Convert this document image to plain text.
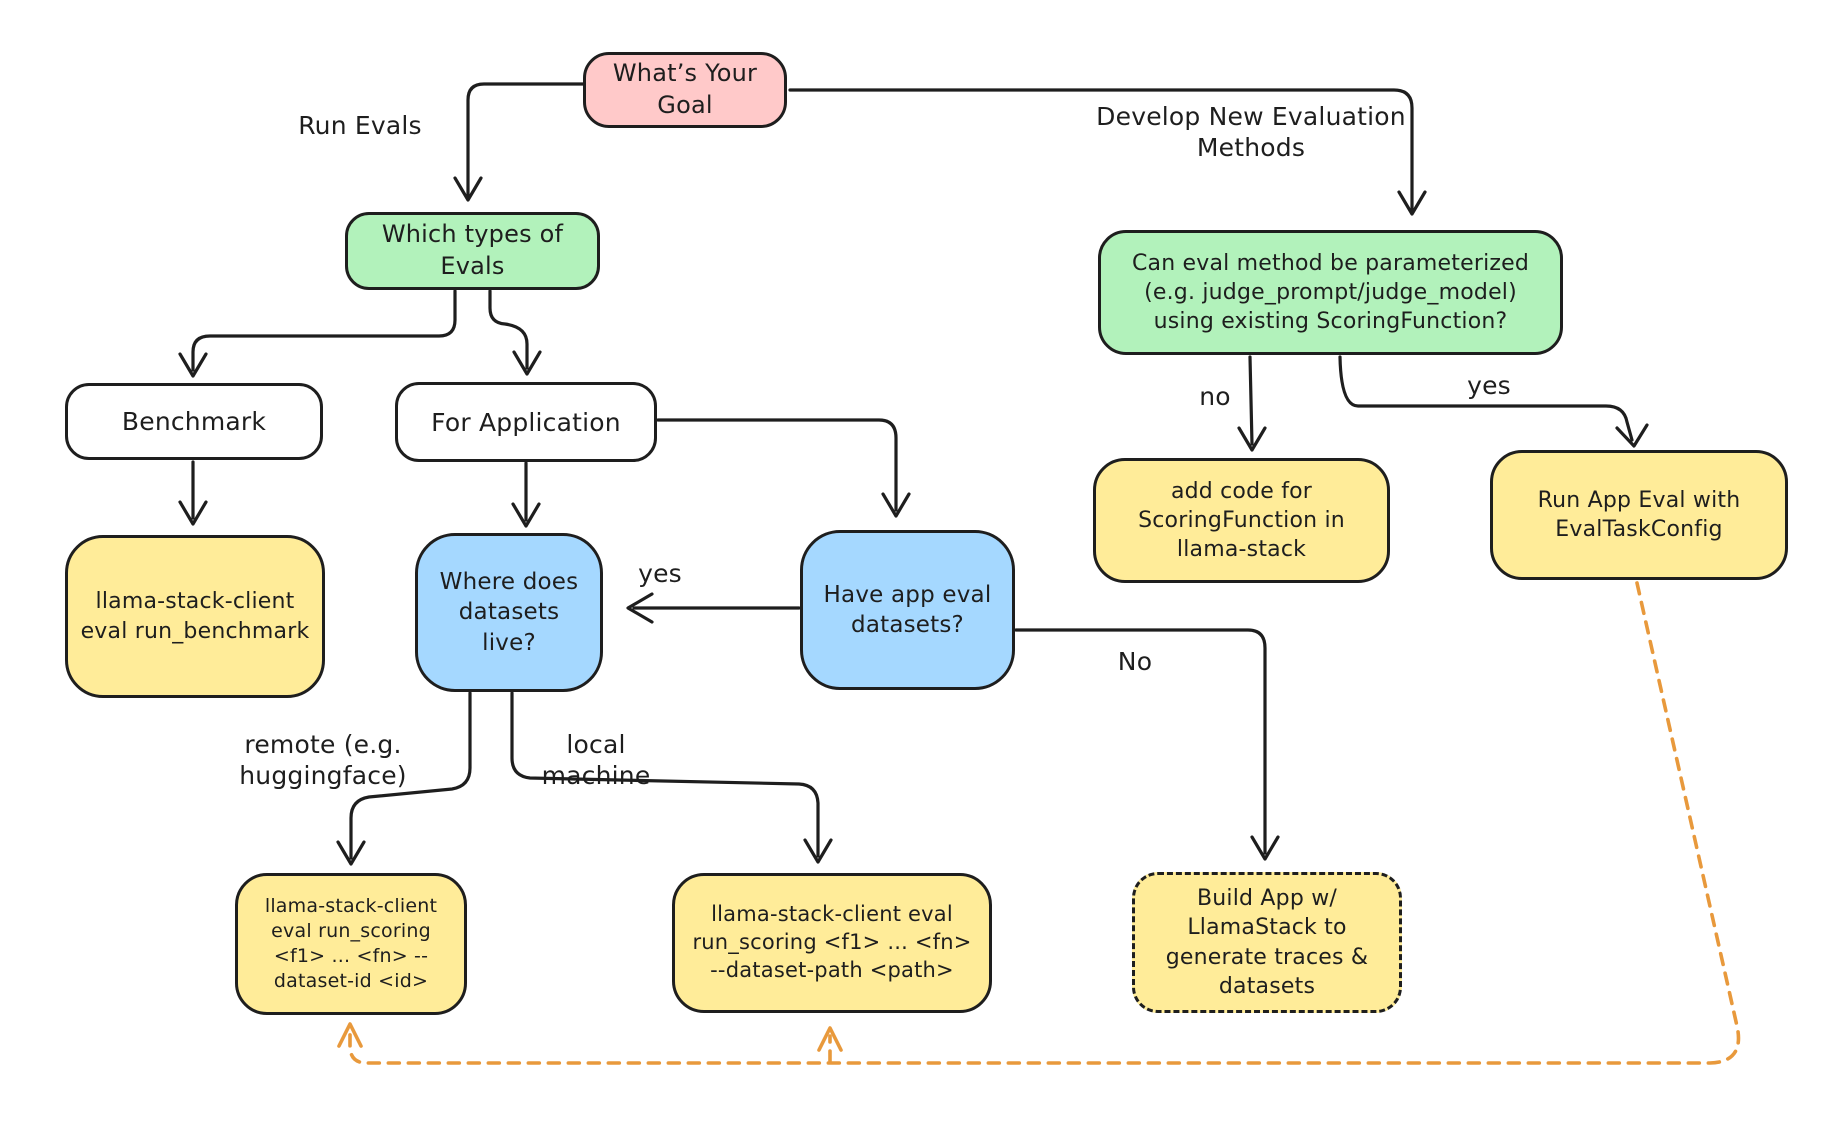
What’s Your Goal
Which types of Evals
Benchmark	For Application
llama-stack-client eval run_benchmark
Where does datasets live?
Have app eval datasets?
Can eval method be parameterized (e.g. judge_prompt/judge_model) using existing ScoringFunction?
add code for ScoringFunction in llama-stack
Run App Eval with EvalTaskConfig
llama-stack-client eval run_scoring <f1> ... <fn> --dataset-id <id>
llama-stack-client eval run_scoring <f1> ... <fn> --dataset-path <path>
Build App w/ LlamaStack to generate traces & datasets
Run Evals	Develop New Evaluation Methods
no	yes
yes
No
remote (e.g. huggingface)
local machine
